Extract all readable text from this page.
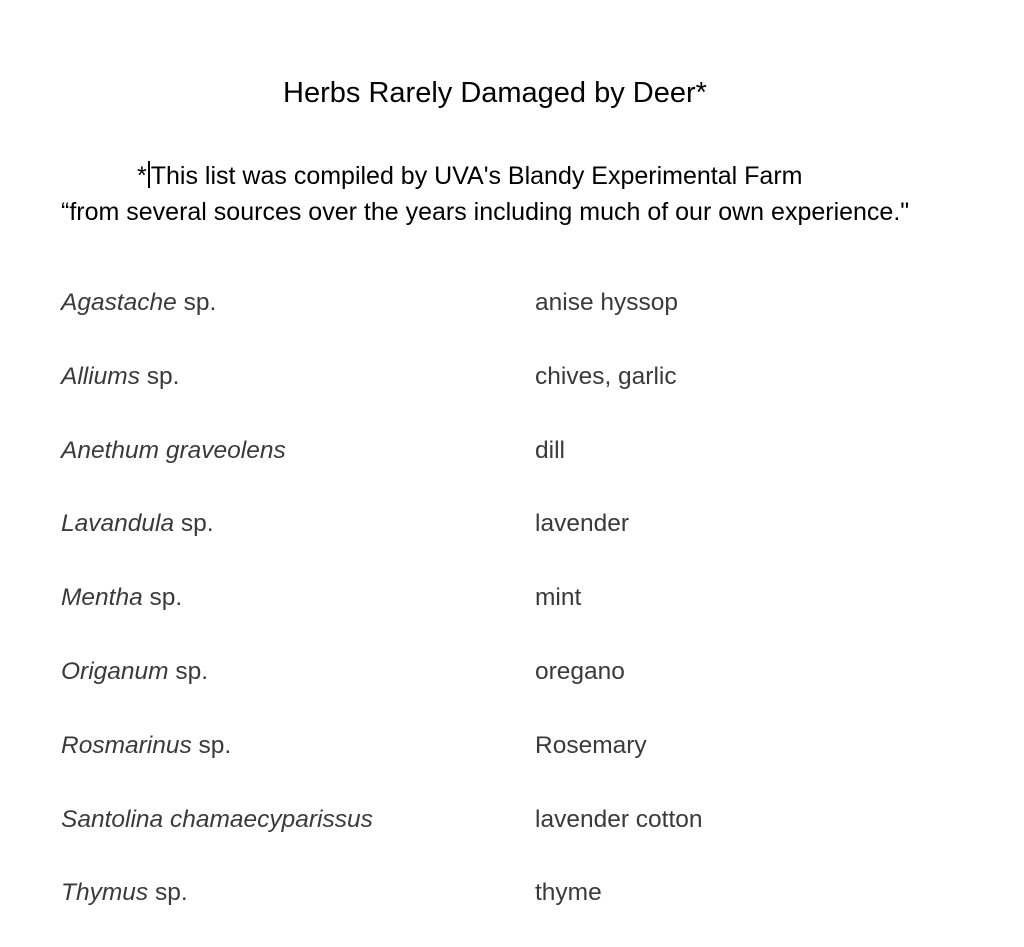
Herbs Rarely Damaged by Deer*
* This list was compiled by UVA's Blandy Experimental Farm
“from several sources over the years including much of our own experience."
Agastache sp.	anise hyssop
Alliums sp.	chives, garlic
Anethum graveolens	dill
Lavandula sp.	lavender
Mentha sp.	mint
Origanum sp.	oregano
Rosmarinus sp.	Rosemary
Santolina chamaecyparissus	lavender cotton
Thymus sp.	thyme
